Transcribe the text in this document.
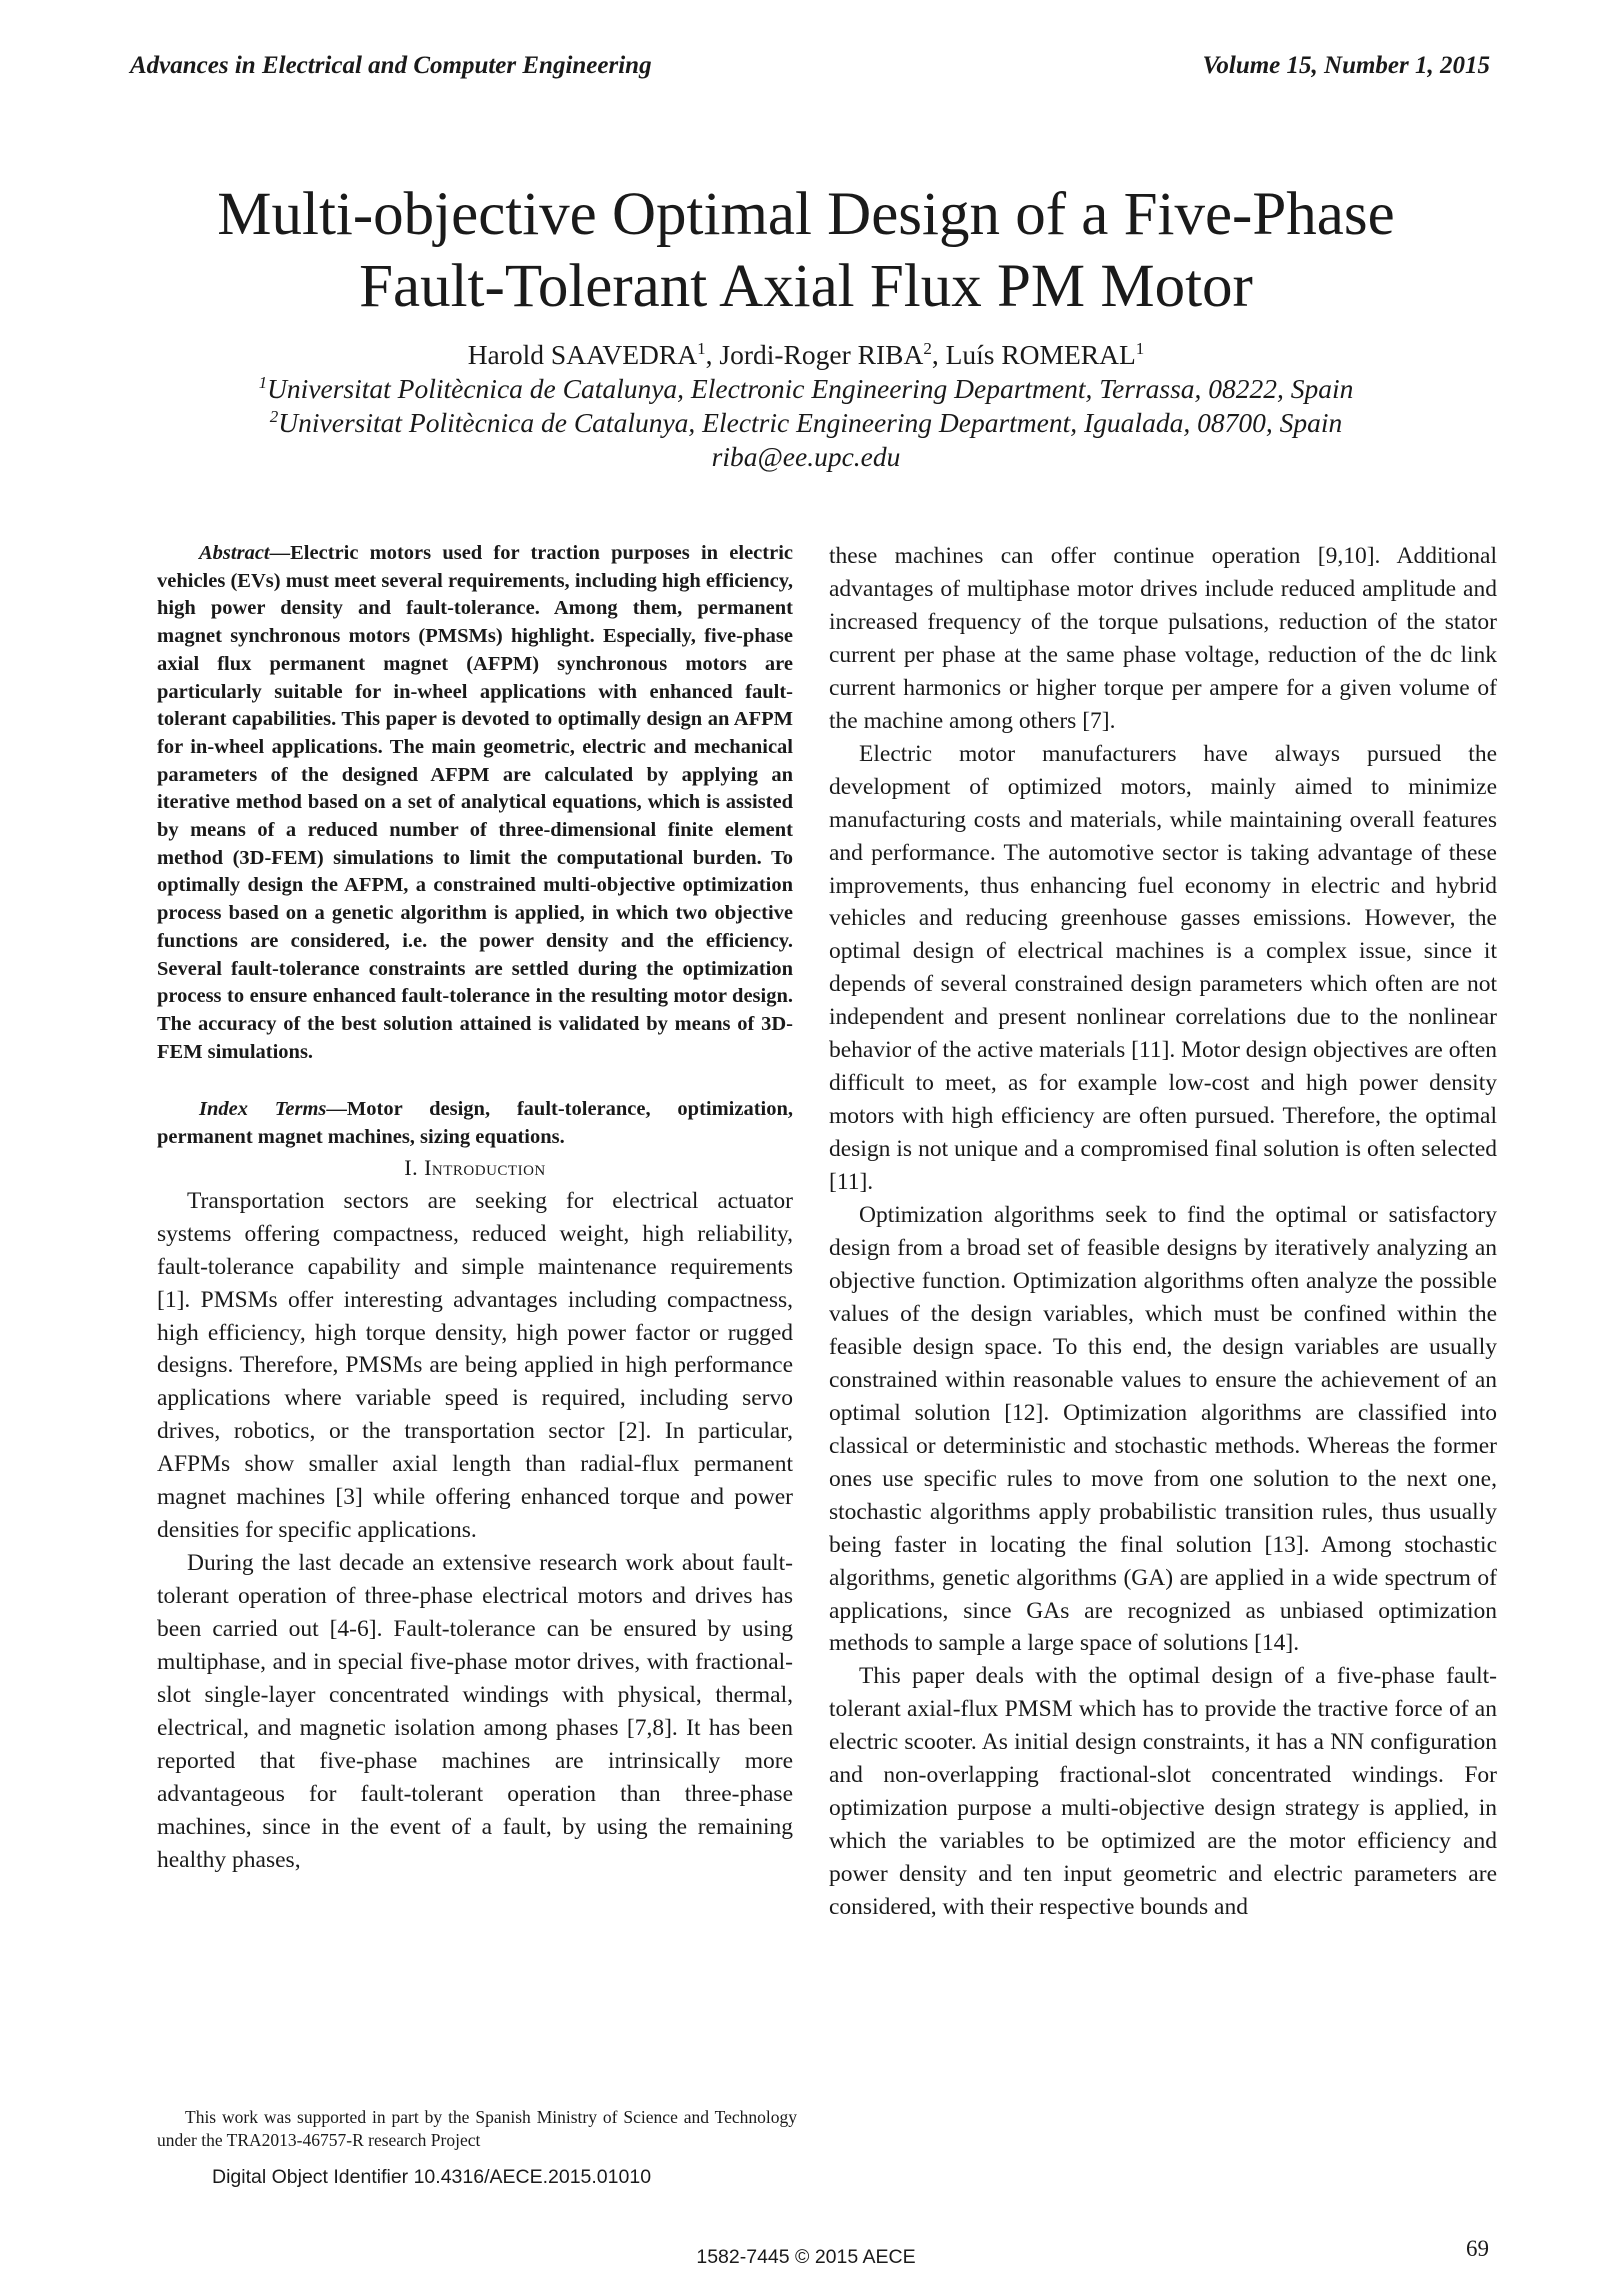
Advances in Electrical and Computer Engineering	Volume 15, Number 1, 2015
Multi-objective Optimal Design of a Five-Phase
Fault-Tolerant Axial Flux PM Motor
Harold SAAVEDRA$^1$, Jordi-Roger RIBA$^2$, Luís ROMERAL$^1$
$^1$Universitat Politècnica de Catalunya, Electronic Engineering Department, Terrassa, 08222, Spain
$^2$Universitat Politècnica de Catalunya, Electric Engineering Department, Igualada, 08700, Spain
riba@ee.upc.edu

Abstract—Electric motors used for traction purposes in electric vehicles (EVs) must meet several requirements, including high efficiency, high power density and fault-tolerance. Among them, permanent magnet synchronous motors (PMSMs) highlight. Especially, five-phase axial flux permanent magnet (AFPM) synchronous motors are particularly suitable for in-wheel applications with enhanced fault-tolerant capabilities. This paper is devoted to optimally design an AFPM for in-wheel applications. The main geometric, electric and mechanical parameters of the designed AFPM are calculated by applying an iterative method based on a set of analytical equations, which is assisted by means of a reduced number of three-dimensional finite element method (3D-FEM) simulations to limit the computational burden. To optimally design the AFPM, a constrained multi-objective optimization process based on a genetic algorithm is applied, in which two objective functions are considered, i.e. the power density and the efficiency. Several fault-tolerance constraints are settled during the optimization process to ensure enhanced fault-tolerance in the resulting motor design. The accuracy of the best solution attained is validated by means of 3D-FEM simulations.

Index Terms—Motor design, fault-tolerance, optimization, permanent magnet machines, sizing equations.

I. Introduction

Transportation sectors are seeking for electrical actuator systems offering compactness, reduced weight, high reliability, fault-tolerance capability and simple maintenance requirements [1]. PMSMs offer interesting advantages including compactness, high efficiency, high torque density, high power factor or rugged designs. Therefore, PMSMs are being applied in high performance applications where variable speed is required, including servo drives, robotics, or the transportation sector [2]. In particular, AFPMs show smaller axial length than radial-flux permanent magnet machines [3] while offering enhanced torque and power densities for specific applications.

During the last decade an extensive research work about fault-tolerant operation of three-phase electrical motors and drives has been carried out [4-6]. Fault-tolerance can be ensured by using multiphase, and in special five-phase motor drives, with fractional-slot single-layer concentrated windings with physical, thermal, electrical, and magnetic isolation among phases [7,8]. It has been reported that five-phase machines are intrinsically more advantageous for fault-tolerant operation than three-phase machines, since in the event of a fault, by using the remaining healthy phases,

these machines can offer continue operation [9,10]. Additional advantages of multiphase motor drives include reduced amplitude and increased frequency of the torque pulsations, reduction of the stator current per phase at the same phase voltage, reduction of the dc link current harmonics or higher torque per ampere for a given volume of the machine among others [7].

Electric motor manufacturers have always pursued the development of optimized motors, mainly aimed to minimize manufacturing costs and materials, while maintaining overall features and performance. The automotive sector is taking advantage of these improvements, thus enhancing fuel economy in electric and hybrid vehicles and reducing greenhouse gasses emissions. However, the optimal design of electrical machines is a complex issue, since it depends of several constrained design parameters which often are not independent and present nonlinear correlations due to the nonlinear behavior of the active materials [11]. Motor design objectives are often difficult to meet, as for example low-cost and high power density motors with high efficiency are often pursued. Therefore, the optimal design is not unique and a compromised final solution is often selected [11].

Optimization algorithms seek to find the optimal or satisfactory design from a broad set of feasible designs by iteratively analyzing an objective function. Optimization algorithms often analyze the possible values of the design variables, which must be confined within the feasible design space. To this end, the design variables are usually constrained within reasonable values to ensure the achievement of an optimal solution [12]. Optimization algorithms are classified into classical or deterministic and stochastic methods. Whereas the former ones use specific rules to move from one solution to the next one, stochastic algorithms apply probabilistic transition rules, thus usually being faster in locating the final solution [13]. Among stochastic algorithms, genetic algorithms (GA) are applied in a wide spectrum of applications, since GAs are recognized as unbiased optimization methods to sample a large space of solutions [14].

This paper deals with the optimal design of a five-phase fault-tolerant axial-flux PMSM which has to provide the tractive force of an electric scooter. As initial design constraints, it has a NN configuration and non-overlapping fractional-slot concentrated windings. For optimization purpose a multi-objective design strategy is applied, in which the variables to be optimized are the motor efficiency and power density and ten input geometric and electric parameters are considered, with their respective bounds and

This work was supported in part by the Spanish Ministry of Science and Technology under the TRA2013-46757-R research Project
Digital Object Identifier 10.4316/AECE.2015.01010
69
1582-7445 © 2015 AECE
